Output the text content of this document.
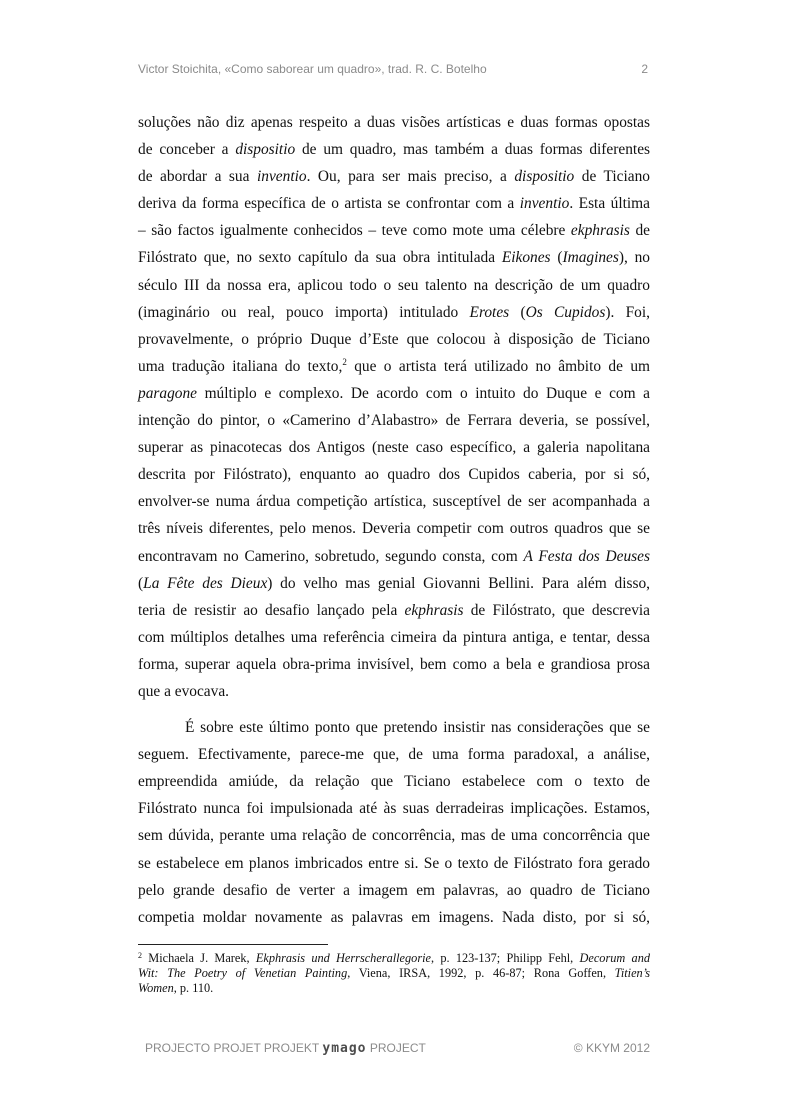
Victor Stoichita, «Como saborear um quadro», trad. R. C. Botelho	2
soluções não diz apenas respeito a duas visões artísticas e duas formas opostas
de conceber a dispositio de um quadro, mas também a duas formas diferentes
de abordar a sua inventio. Ou, para ser mais preciso, a dispositio de Ticiano
deriva da forma específica de o artista se confrontar com a inventio. Esta última
– são factos igualmente conhecidos – teve como mote uma célebre ekphrasis de
Filóstrato que, no sexto capítulo da sua obra intitulada Eikones (Imagines), no
século III da nossa era, aplicou todo o seu talento na descrição de um quadro
(imaginário ou real, pouco importa) intitulado Erotes (Os Cupidos). Foi,
provavelmente, o próprio Duque d’Este que colocou à disposição de Ticiano
uma tradução italiana do texto,$^2$ que o artista terá utilizado no âmbito de um
paragone múltiplo e complexo. De acordo com o intuito do Duque e com a
intenção do pintor, o «Camerino d’Alabastro» de Ferrara deveria, se possível,
superar as pinacotecas dos Antigos (neste caso específico, a galeria napolitana
descrita por Filóstrato), enquanto ao quadro dos Cupidos caberia, por si só,
envolver-se numa árdua competição artística, susceptível de ser acompanhada a
três níveis diferentes, pelo menos. Deveria competir com outros quadros que se
encontravam no Camerino, sobretudo, segundo consta, com A Festa dos Deuses
(La Fête des Dieux) do velho mas genial Giovanni Bellini. Para além disso,
teria de resistir ao desafio lançado pela ekphrasis de Filóstrato, que descrevia
com múltiplos detalhes uma referência cimeira da pintura antiga, e tentar, dessa
forma, superar aquela obra-prima invisível, bem como a bela e grandiosa prosa
que a evocava.
É sobre este último ponto que pretendo insistir nas considerações que se
seguem. Efectivamente, parece-me que, de uma forma paradoxal, a análise,
empreendida amiúde, da relação que Ticiano estabelece com o texto de
Filóstrato nunca foi impulsionada até às suas derradeiras implicações. Estamos,
sem dúvida, perante uma relação de concorrência, mas de uma concorrência que
se estabelece em planos imbricados entre si. Se o texto de Filóstrato fora gerado
pelo grande desafio de verter a imagem em palavras, ao quadro de Ticiano
competia moldar novamente as palavras em imagens. Nada disto, por si só,
$^2$ Michaela J. Marek, Ekphrasis und Herrscherallegorie, p. 123-137; Philipp Fehl, Decorum and
Wit: The Poetry of Venetian Painting, Viena, IRSA, 1992, p. 46-87; Rona Goffen, Titien’s
Women, p. 110.
PROJECTO PROJET PROJEKT ymago PROJECT	© KKYM 2012
